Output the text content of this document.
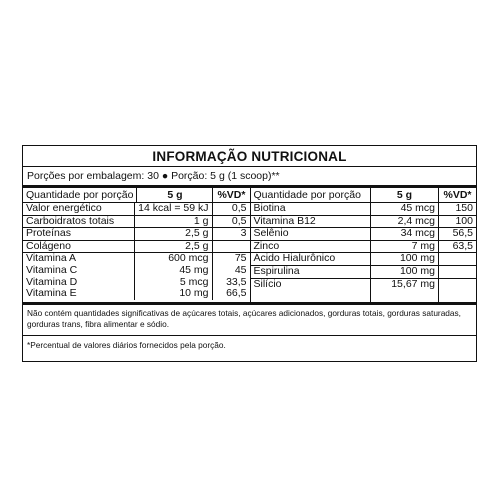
INFORMAÇÃO NUTRICIONAL
Porções por embalagem: 30 ● Porção: 5 g (1 scoop)**
Quantidade por porção	5 g	%VD*
Valor energético	14 kcal = 59 kJ	0,5
Carboidratos totais	1 g	0,5
Proteínas	2,5 g	3
Colágeno	2,5 g
Vitamina A	600 mcg	75
Vitamina C	45 mg	45
Vitamina D	5 mcg	33,5
Vitamina E	10 mg	66,5
Quantidade por porção	5 g	%VD*
Biotina	45 mcg	150
Vitamina B12	2,4 mcg	100
Selênio	34 mcg	56,5
Zinco	7 mg	63,5
Ácido Hialurônico	100 mg
Espirulina	100 mg
Silício	15,67 mg
Não contém quantidades significativas de açúcares totais, açúcares adicionados, gorduras totais, gorduras saturadas, gorduras trans, fibra alimentar e sódio.
*Percentual de valores diários fornecidos pela porção.
